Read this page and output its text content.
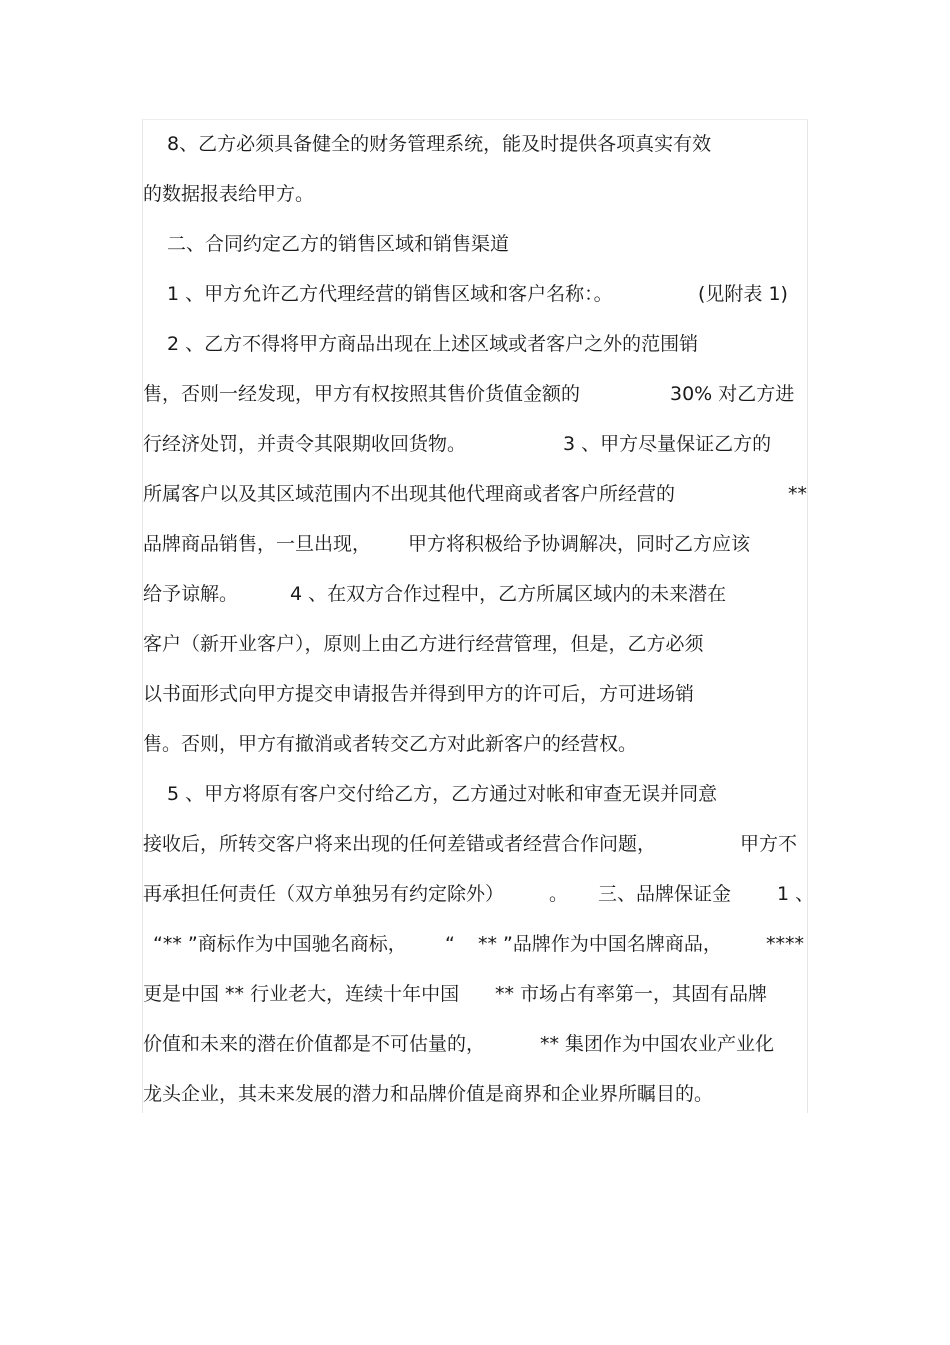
8、乙方必须具备健全的财务管理系统，能及时提供各项真实有效
的数据报表给甲方。
二、合同约定乙方的销售区域和销售渠道
1 、甲方允许乙方代理经营的销售区域和客户名称：。	(见附表 1)
2 、乙方不得将甲方商品出现在上述区域或者客户之外的范围销
售，否则一经发现，甲方有权按照其售价货值金额的	30% 对乙方进
行经济处罚，并责令其限期收回货物。	3 、甲方尽量保证乙方的
所属客户以及其区域范围内不出现其他代理商或者客户所经营的	**
品牌商品销售，一旦出现， 甲方将积极给予协调解决，同时乙方应该
给予谅解。	4 、在双方合作过程中，乙方所属区域内的未来潜在
客户（新开业客户），原则上由乙方进行经营管理，但是，乙方必须
以书面形式向甲方提交申请报告并得到甲方的许可后，方可进场销
售。否则，甲方有撤消或者转交乙方对此新客户的经营权。
5 、甲方将原有客户交付给乙方，乙方通过对帐和审查无误并同意
接收后，所转交客户将来出现的任何差错或者经营合作问题，	甲方不
再承担任何责任（双方单独另有约定除外） 。 三、品牌保证金 1 、
“** ”商标作为中国驰名商标， “ ** ”品牌作为中国名牌商品， ****
更是中国 ** 行业老大，连续十年中国 ** 市场占有率第一，其固有品牌
价值和未来的潜在价值都是不可估量的，	** 集团作为中国农业产业化
龙头企业，其未来发展的潜力和品牌价值是商界和企业界所瞩目的。
